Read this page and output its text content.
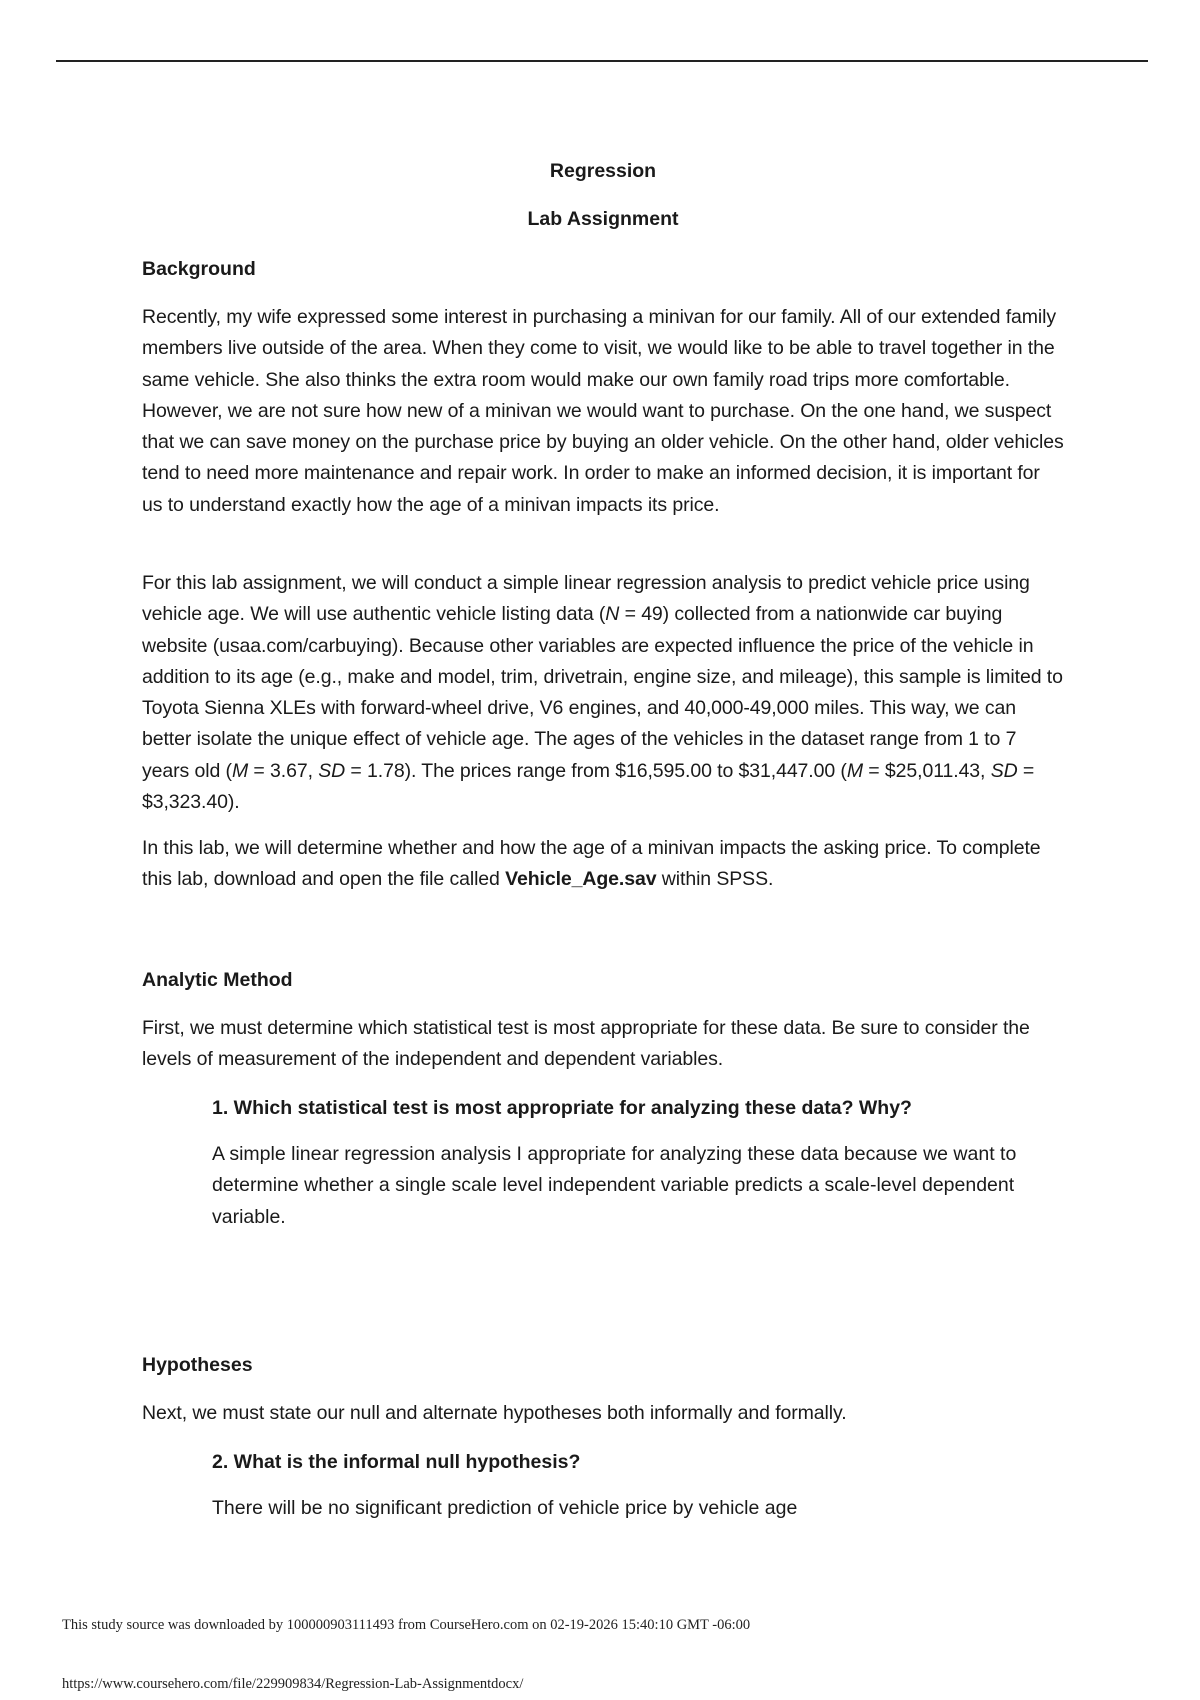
Regression
Lab Assignment
Background

Recently, my wife expressed some interest in purchasing a minivan for our family. All of our extended family members live outside of the area. When they come to visit, we would like to be able to travel together in the same vehicle. She also thinks the extra room would make our own family road trips more comfortable. However, we are not sure how new of a minivan we would want to purchase. On the one hand, we suspect that we can save money on the purchase price by buying an older vehicle. On the other hand, older vehicles tend to need more maintenance and repair work. In order to make an informed decision, it is important for us to understand exactly how the age of a minivan impacts its price.

For this lab assignment, we will conduct a simple linear regression analysis to predict vehicle price using vehicle age. We will use authentic vehicle listing data (N = 49) collected from a nationwide car buying website (usaa.com/carbuying). Because other variables are expected influence the price of the vehicle in addition to its age (e.g., make and model, trim, drivetrain, engine size, and mileage), this sample is limited to Toyota Sienna XLEs with forward-wheel drive, V6 engines, and 40,000-49,000 miles. This way, we can better isolate the unique effect of vehicle age. The ages of the vehicles in the dataset range from 1 to 7 years old (M = 3.67, SD = 1.78). The prices range from $16,595.00 to $31,447.00 (M = $25,011.43, SD = $3,323.40).

In this lab, we will determine whether and how the age of a minivan impacts the asking price. To complete this lab, download and open the file called Vehicle_Age.sav within SPSS.

Analytic Method

First, we must determine which statistical test is most appropriate for these data. Be sure to consider the levels of measurement of the independent and dependent variables.

1. Which statistical test is most appropriate for analyzing these data? Why?

A simple linear regression analysis I appropriate for analyzing these data because we want to determine whether a single scale level independent variable predicts a scale-level dependent variable.

Hypotheses

Next, we must state our null and alternate hypotheses both informally and formally.

2. What is the informal null hypothesis?

There will be no significant prediction of vehicle price by vehicle age

This study source was downloaded by 100000903111493 from CourseHero.com on 02-19-2026 15:40:10 GMT -06:00
https://www.coursehero.com/file/229909834/Regression-Lab-Assignmentdocx/
